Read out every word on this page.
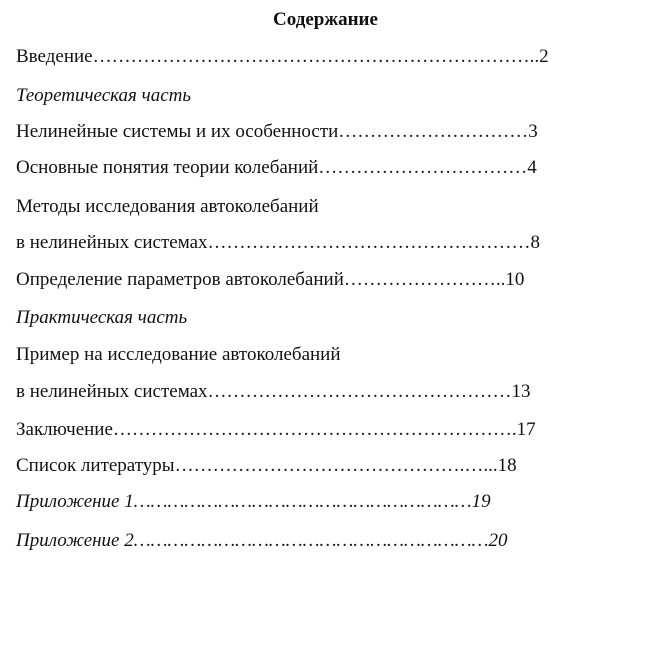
Содержание
Введение……………………………………………………………..2
Теоретическая часть
Нелинейные системы и их особенности…………………………3
Основные понятия теории колебаний……………………………4
Методы исследования автоколебаний
в нелинейных системах……………………………………………8
Определение параметров автоколебаний……………………..10
Практическая часть
Пример на исследование автоколебаний
в нелинейных системах…………………………………………13
Заключение……………………………………………………….17
Список литературы……………………………………….…...18
Приложение 1……………………………………………………19
Приложение 2………………………………………………………20
